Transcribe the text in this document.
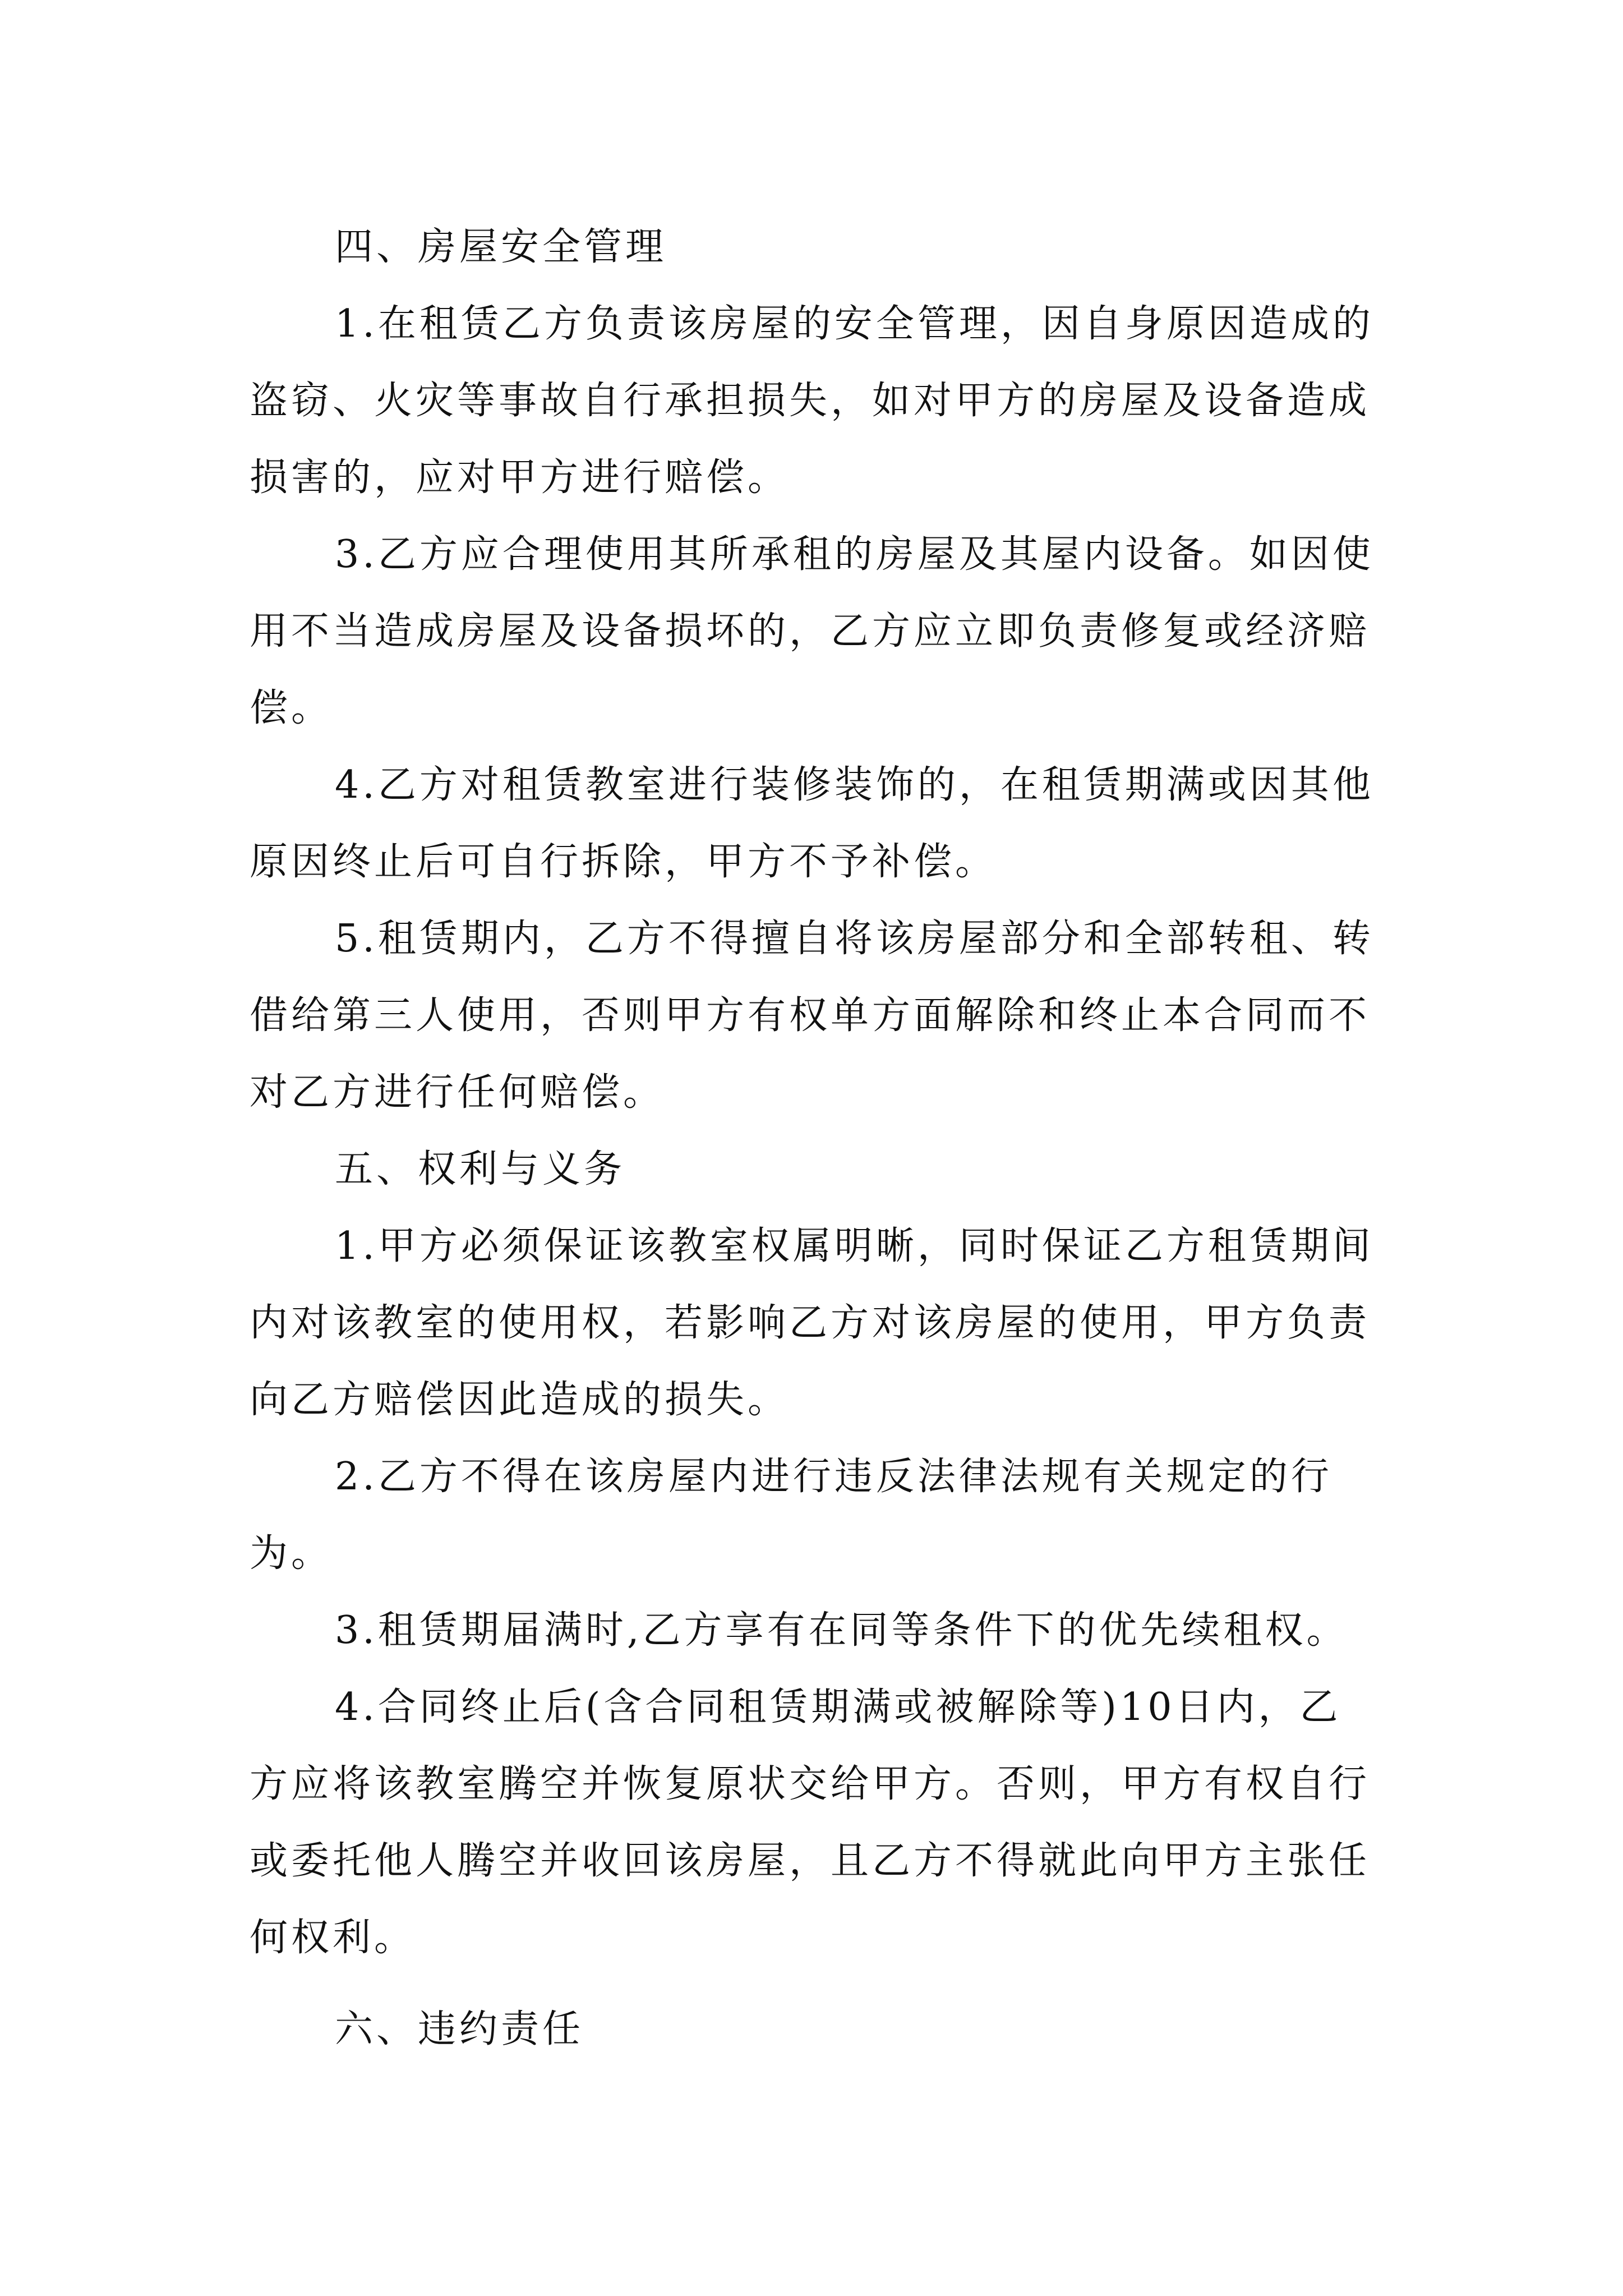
四、房屋安全管理

1.在租赁乙方负责该房屋的安全管理，因自身原因造成的盗窃、火灾等事故自行承担损失，如对甲方的房屋及设备造成损害的，应对甲方进行赔偿。

3.乙方应合理使用其所承租的房屋及其屋内设备。如因使用不当造成房屋及设备损坏的，乙方应立即负责修复或经济赔偿。

4.乙方对租赁教室进行装修装饰的，在租赁期满或因其他原因终止后可自行拆除，甲方不予补偿。

5.租赁期内，乙方不得擅自将该房屋部分和全部转租、转借给第三人使用，否则甲方有权单方面解除和终止本合同而不对乙方进行任何赔偿。

五、权利与义务

1.甲方必须保证该教室权属明晰，同时保证乙方租赁期间内对该教室的使用权，若影响乙方对该房屋的使用，甲方负责向乙方赔偿因此造成的损失。

2.乙方不得在该房屋内进行违反法律法规有关规定的行为。

3.租赁期届满时,乙方享有在同等条件下的优先续租权。

4.合同终止后(含合同租赁期满或被解除等)10日内，乙方应将该教室腾空并恢复原状交给甲方。否则，甲方有权自行或委托他人腾空并收回该房屋，且乙方不得就此向甲方主张任何权利。

六、违约责任
